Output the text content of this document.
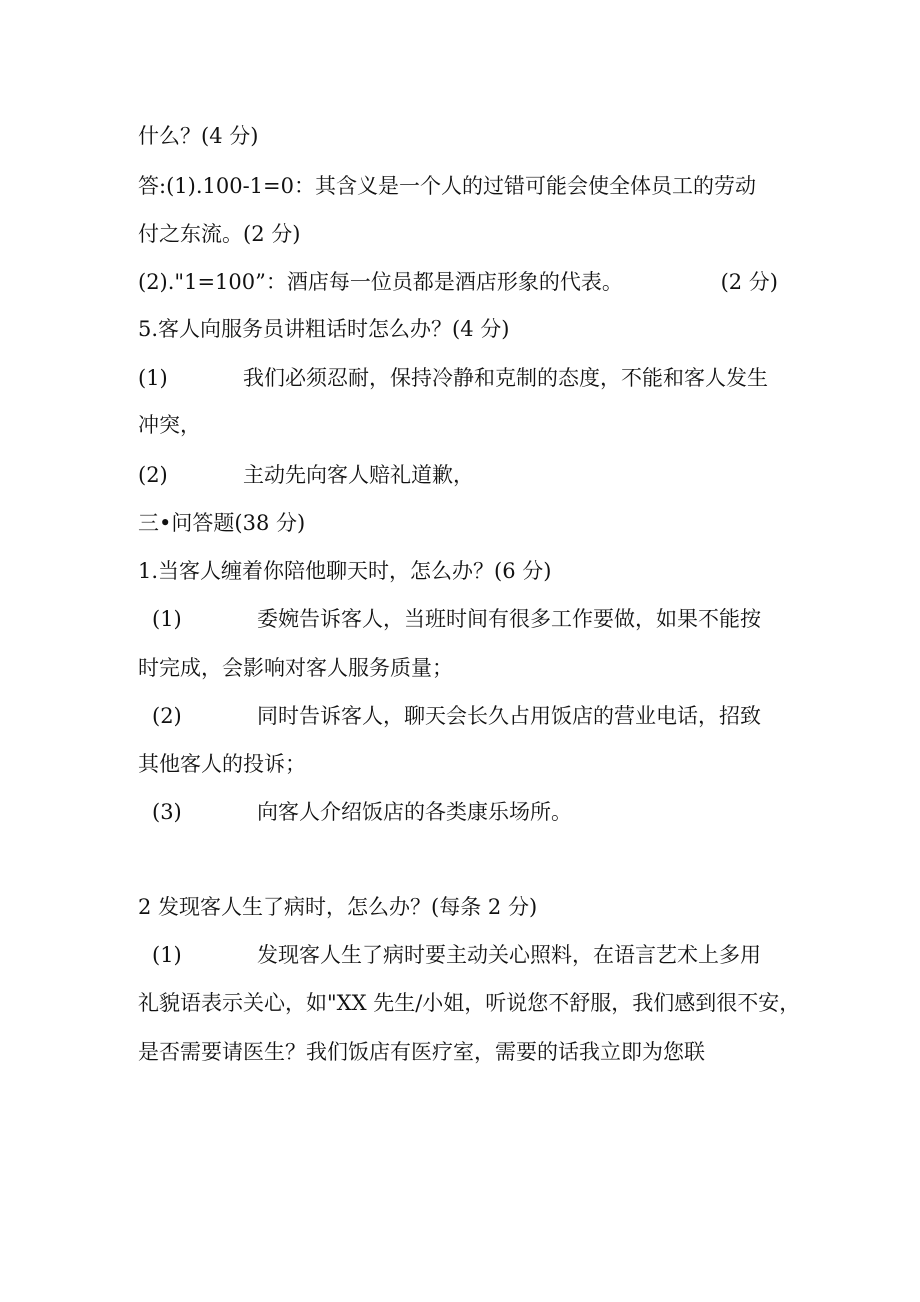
什么？(4 分)
答:(1).100-1=0：其含义是一个人的过错可能会使全体员工的劳动
付之东流。(2 分)
(2)."1=100”：酒店每一位员都是酒店形象的代表。	(2 分)
5.客人向服务员讲粗话时怎么办？(4 分)
(1)	我们必须忍耐，保持冷静和克制的态度，不能和客人发生
冲突，
(2)	主动先向客人赔礼道歉，
三•问答题(38 分)
1.当客人缠着你陪他聊天时，怎么办？(6 分)
(1)	委婉告诉客人，当班时间有很多工作要做，如果不能按
时完成，会影响对客人服务质量；
(2)	同时告诉客人，聊天会长久占用饭店的营业电话，招致
其他客人的投诉；
(3)	向客人介绍饭店的各类康乐场所。
2 发现客人生了病时，怎么办？(每条 2 分)
(1)	发现客人生了病时要主动关心照料，在语言艺术上多用
礼貌语表示关心，如"XX 先生/小姐，听说您不舒服，我们感到很不安，
是否需要请医生？我们饭店有医疗室，需要的话我立即为您联
